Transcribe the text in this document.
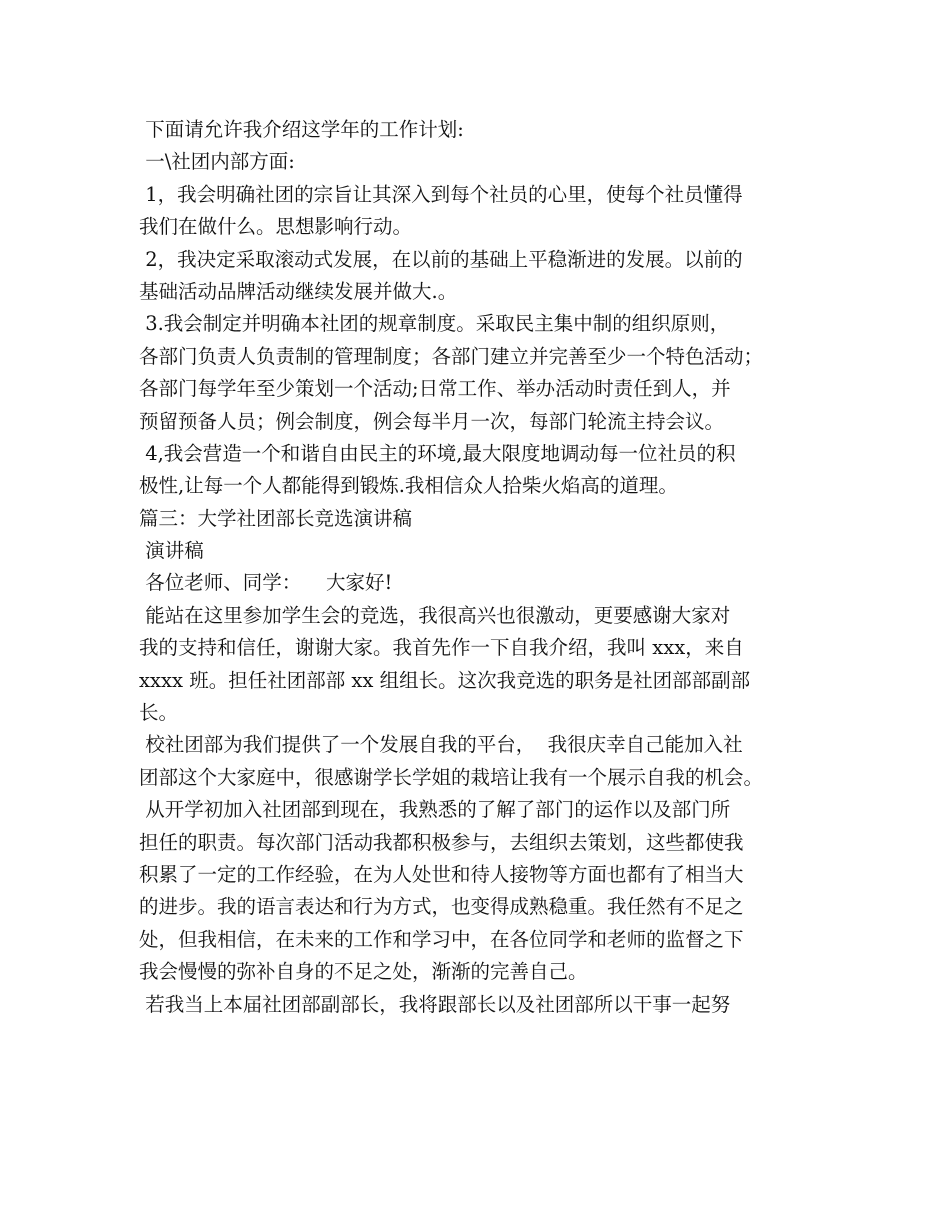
下面请允许我介绍这学年的工作计划:
一\社团内部方面:
1，我会明确社团的宗旨让其深入到每个社员的心里，使每个社员懂得
我们在做什么。思想影响行动。
2，我决定采取滚动式发展，在以前的基础上平稳渐进的发展。以前的
基础活动品牌活动继续发展并做大.。
3.我会制定并明确本社团的规章制度。采取民主集中制的组织原则，
各部门负责人负责制的管理制度；各部门建立并完善至少一个特色活动；
各部门每学年至少策划一个活动;日常工作、举办活动时责任到人，并
预留预备人员；例会制度，例会每半月一次，每部门轮流主持会议。
4,我会营造一个和谐自由民主的环境,最大限度地调动每一位社员的积
极性,让每一个人都能得到锻炼.我相信众人拾柴火焰高的道理。
篇三：大学社团部长竞选演讲稿
演讲稿
各位老师、同学：    大家好!
能站在这里参加学生会的竞选，我很高兴也很激动，更要感谢大家对
我的支持和信任，谢谢大家。我首先作一下自我介绍，我叫 xxx，来自
xxxx 班。担任社团部部 xx 组组长。这次我竞选的职务是社团部部副部
长。
校社团部为我们提供了一个发展自我的平台，  我很庆幸自己能加入社
团部这个大家庭中，很感谢学长学姐的栽培让我有一个展示自我的机会。
从开学初加入社团部到现在，我熟悉的了解了部门的运作以及部门所
担任的职责。每次部门活动我都积极参与，去组织去策划，这些都使我
积累了一定的工作经验，在为人处世和待人接物等方面也都有了相当大
的进步。我的语言表达和行为方式，也变得成熟稳重。我任然有不足之
处，但我相信，在未来的工作和学习中，在各位同学和老师的监督之下
我会慢慢的弥补自身的不足之处，渐渐的完善自己。
若我当上本届社团部副部长，我将跟部长以及社团部所以干事一起努
